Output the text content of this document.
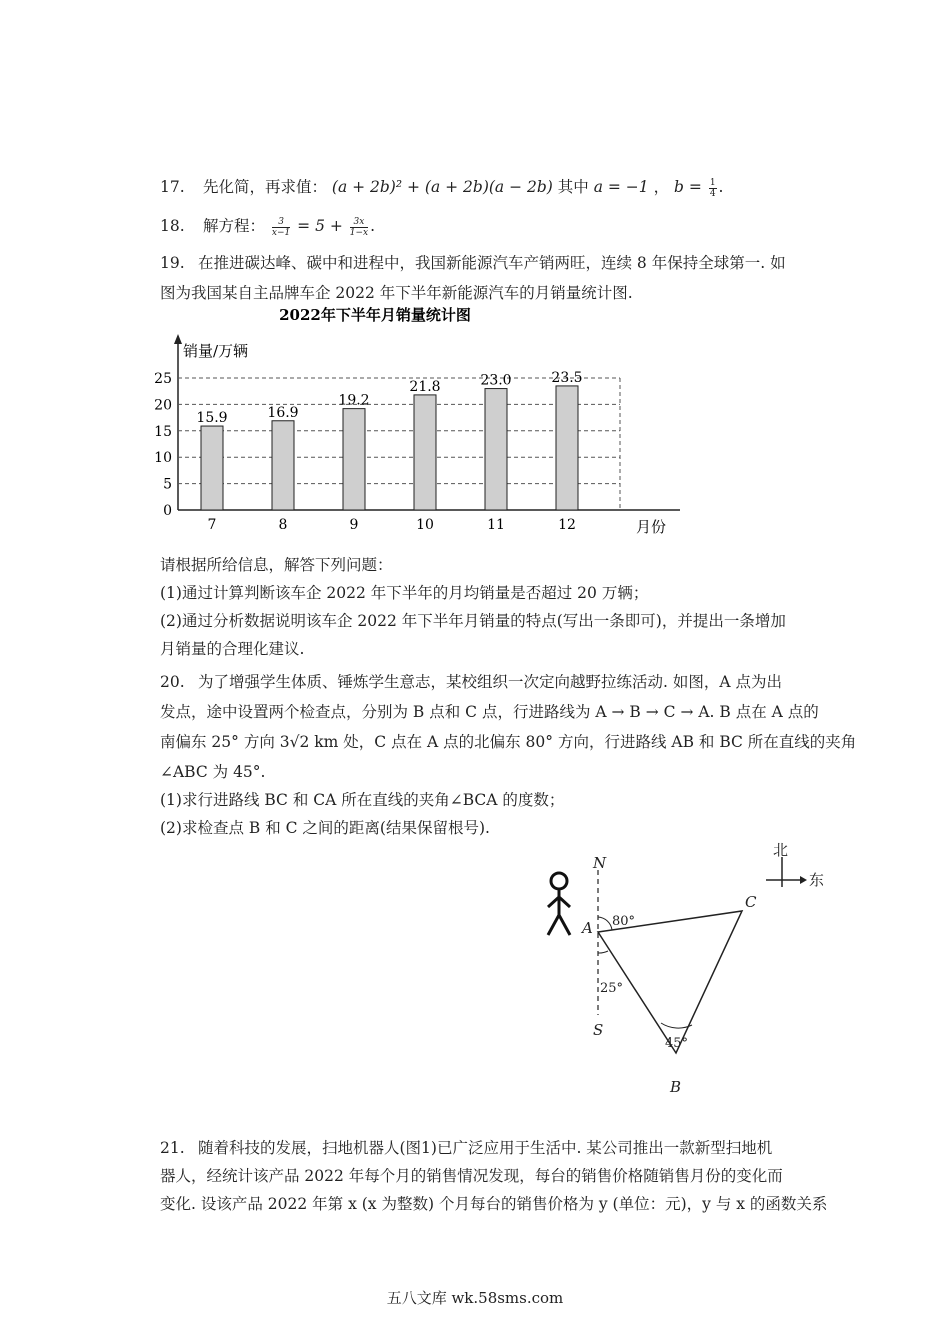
17. 先化简，再求值： (a + 2b)² + (a + 2b)(a − 2b) 其中 a = −1 ， $b = \frac{1}{4}$ .
18. 解方程： $\frac{3}{x-1} = 5 + \frac{3x}{1-x}$ .
19. 在推进碳达峰、碳中和进程中，我国新能源汽车产销两旺，连续 8 年保持全球第一. 如
图为我国某自主品牌车企 2022 年下半年新能源汽车的月销量统计图.
0
5
10
15
20
25
15.9
7
16.9
8
19.2
9
21.8
10
23.0
11
23.5
12
2022年下半年月销量统计图
销量/万辆
月份
请根据所给信息，解答下列问题：
(1)通过计算判断该车企 2022 年下半年的月均销量是否超过 20 万辆；
(2)通过分析数据说明该车企 2022 年下半年月销量的特点(写出一条即可)，并提出一条增加
月销量的合理化建议.
20. 为了增强学生体质、锤炼学生意志，某校组织一次定向越野拉练活动. 如图，A 点为出
发点，途中设置两个检查点，分别为 B 点和 C 点，行进路线为 A → B → C → A. B 点在 A 点的
南偏东 25° 方向 3√2 km 处，C 点在 A 点的北偏东 80° 方向，行进路线 AB 和 BC 所在直线的夹角
∠ABC 为 45°.
(1)求行进路线 BC 和 CA 所在直线的夹角∠BCA 的度数；
(2)求检查点 B 和 C 之间的距离(结果保留根号).
N
S
A
B
C
80°
25°
45°
北
东
21. 随着科技的发展，扫地机器人(图1)已广泛应用于生活中. 某公司推出一款新型扫地机
器人，经统计该产品 2022 年每个月的销售情况发现，每台的销售价格随销售月份的变化而
变化. 设该产品 2022 年第 x (x 为整数) 个月每台的销售价格为 y (单位：元)，y 与 x 的函数关系
五八文库 wk.58sms.com
